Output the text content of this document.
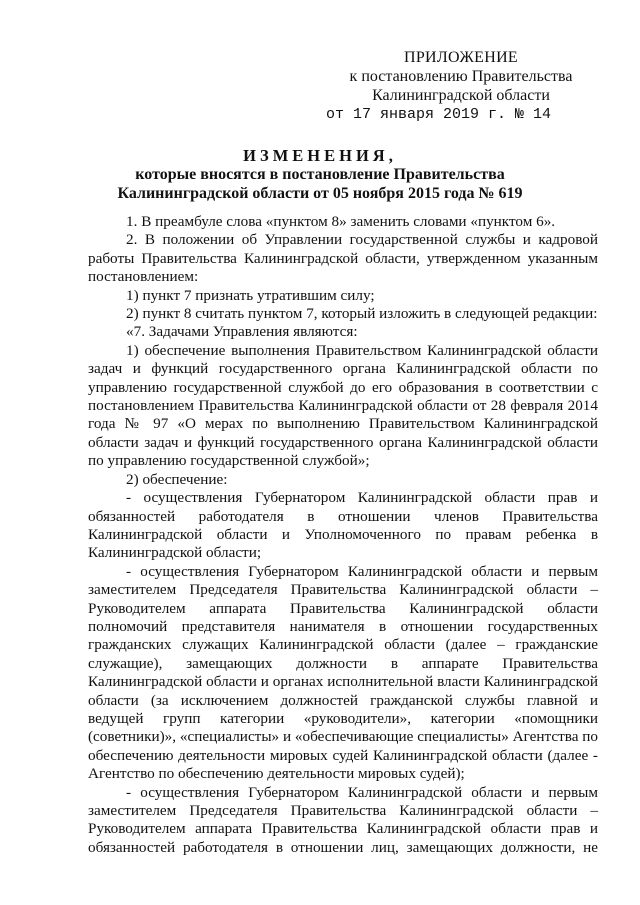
ПРИЛОЖЕНИЕ
к постановлению Правительства
Калининградской области
от 17 января 2019 г. № 14
ИЗМЕНЕНИЯ,
которые вносятся в постановление Правительства
Калининградской области от 05 ноября 2015 года № 619

1. В преамбуле слова «пунктом 8» заменить словами «пунктом 6».

2. В положении об Управлении государственной службы и кадровой работы Правительства Калининградской области, утвержденном указанным постановлением:

1) пункт 7 признать утратившим силу;

2) пункт 8 считать пунктом 7, который изложить в следующей редакции:

«7. Задачами Управления являются:

1) обеспечение выполнения Правительством Калининградской области задач и функций государственного органа Калининградской области по управлению государственной службой до его образования в соответствии с постановлением Правительства Калининградской области от 28 февраля 2014 года № 97 «О мерах по выполнению Правительством Калининградской области задач и функций государственного органа Калининградской области по управлению государственной службой»;

2) обеспечение:

- осуществления Губернатором Калининградской области прав и обязанностей работодателя в отношении членов Правительства Калининградской области и Уполномоченного по правам ребенка в Калининградской области;

- осуществления Губернатором Калининградской области и первым заместителем Председателя Правительства Калининградской области – Руководителем аппарата Правительства Калининградской области полномочий представителя нанимателя в отношении государственных гражданских служащих Калининградской области (далее – гражданские служащие), замещающих должности в аппарате Правительства Калининградской области и органах исполнительной власти Калининградской области (за исключением должностей гражданской службы главной и ведущей групп категории «руководители», категории «помощники (советники)», «специалисты» и «обеспечивающие специалисты» Агентства по обеспечению деятельности мировых судей Калининградской области (далее - Агентство по обеспечению деятельности мировых судей);

- осуществления Губернатором Калининградской области и первым заместителем Председателя Правительства Калининградской области – Руководителем аппарата Правительства Калининградской области прав и обязанностей работодателя в отношении лиц, замещающих должности, не
